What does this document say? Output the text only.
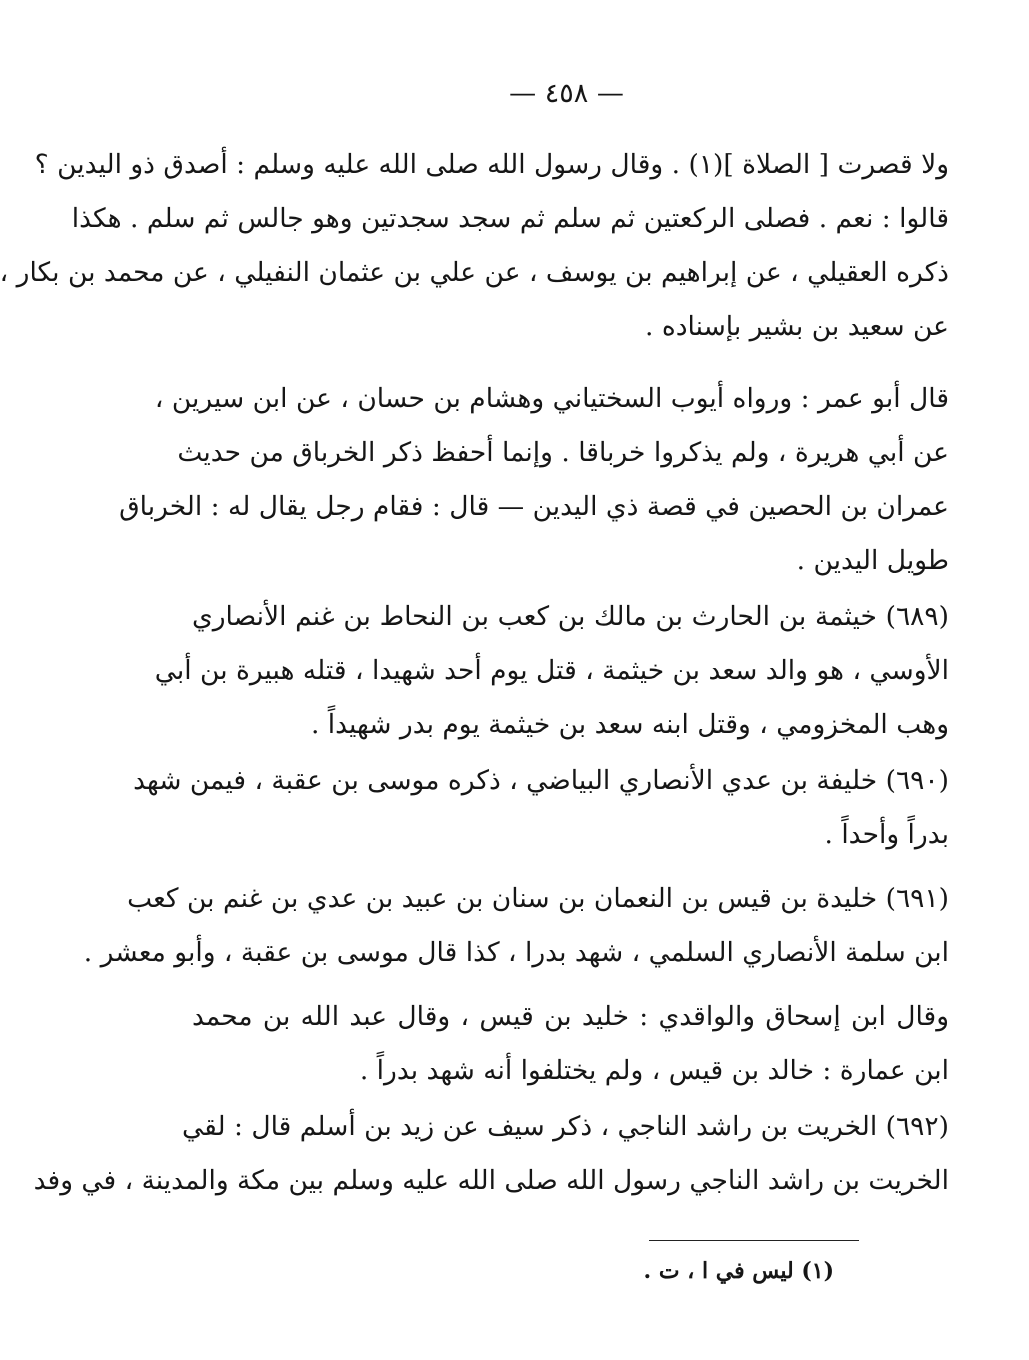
— ٤٥٨ —
ولا قصرت [ الصلاة ](١) . وقال رسول الله صلى الله عليه وسلم : أصدق ذو اليدين ؟
قالوا : نعم . فصلى الركعتين ثم سلم ثم سجد سجدتين وهو جالس ثم سلم . هكذا
ذكره العقيلي ، عن إبراهيم بن يوسف ، عن علي بن عثمان النفيلي ، عن محمد بن بكار ،
عن سعيد بن بشير بإسناده .
قال أبو عمر : ورواه أيوب السختياني وهشام بن حسان ، عن ابن سيرين ،
عن أبي هريرة ، ولم يذكروا خرباقا . وإنما أحفظ ذكر الخرباق من حديث
عمران بن الحصين في قصة ذي اليدين — قال : فقام رجل يقال له : الخرباق
طويل اليدين .
(٦٨٩) خيثمة بن الحارث بن مالك بن كعب بن النحاط بن غنم الأنصاري
الأوسي ، هو والد سعد بن خيثمة ، قتل يوم أحد شهيدا ، قتله هبيرة بن أبي
وهب المخزومي ، وقتل ابنه سعد بن خيثمة يوم بدر شهيداً .
(٦٩٠) خليفة بن عدي الأنصاري البياضي ، ذكره موسى بن عقبة ، فيمن شهد
بدراً وأحداً .
(٦٩١) خليدة بن قيس بن النعمان بن سنان بن عبيد بن عدي بن غنم بن كعب
ابن سلمة الأنصاري السلمي ، شهد بدرا ، كذا قال موسى بن عقبة ، وأبو معشر .
وقال ابن إسحاق والواقدي : خليد بن قيس ، وقال عبد الله بن محمد
ابن عمارة : خالد بن قيس ، ولم يختلفوا أنه شهد بدراً .
(٦٩٢) الخريت بن راشد الناجي ، ذكر سيف عن زيد بن أسلم قال : لقي
الخريت بن راشد الناجي رسول الله صلى الله عليه وسلم بين مكة والمدينة ، في وفد
(١) ليس في ا ، ت .
